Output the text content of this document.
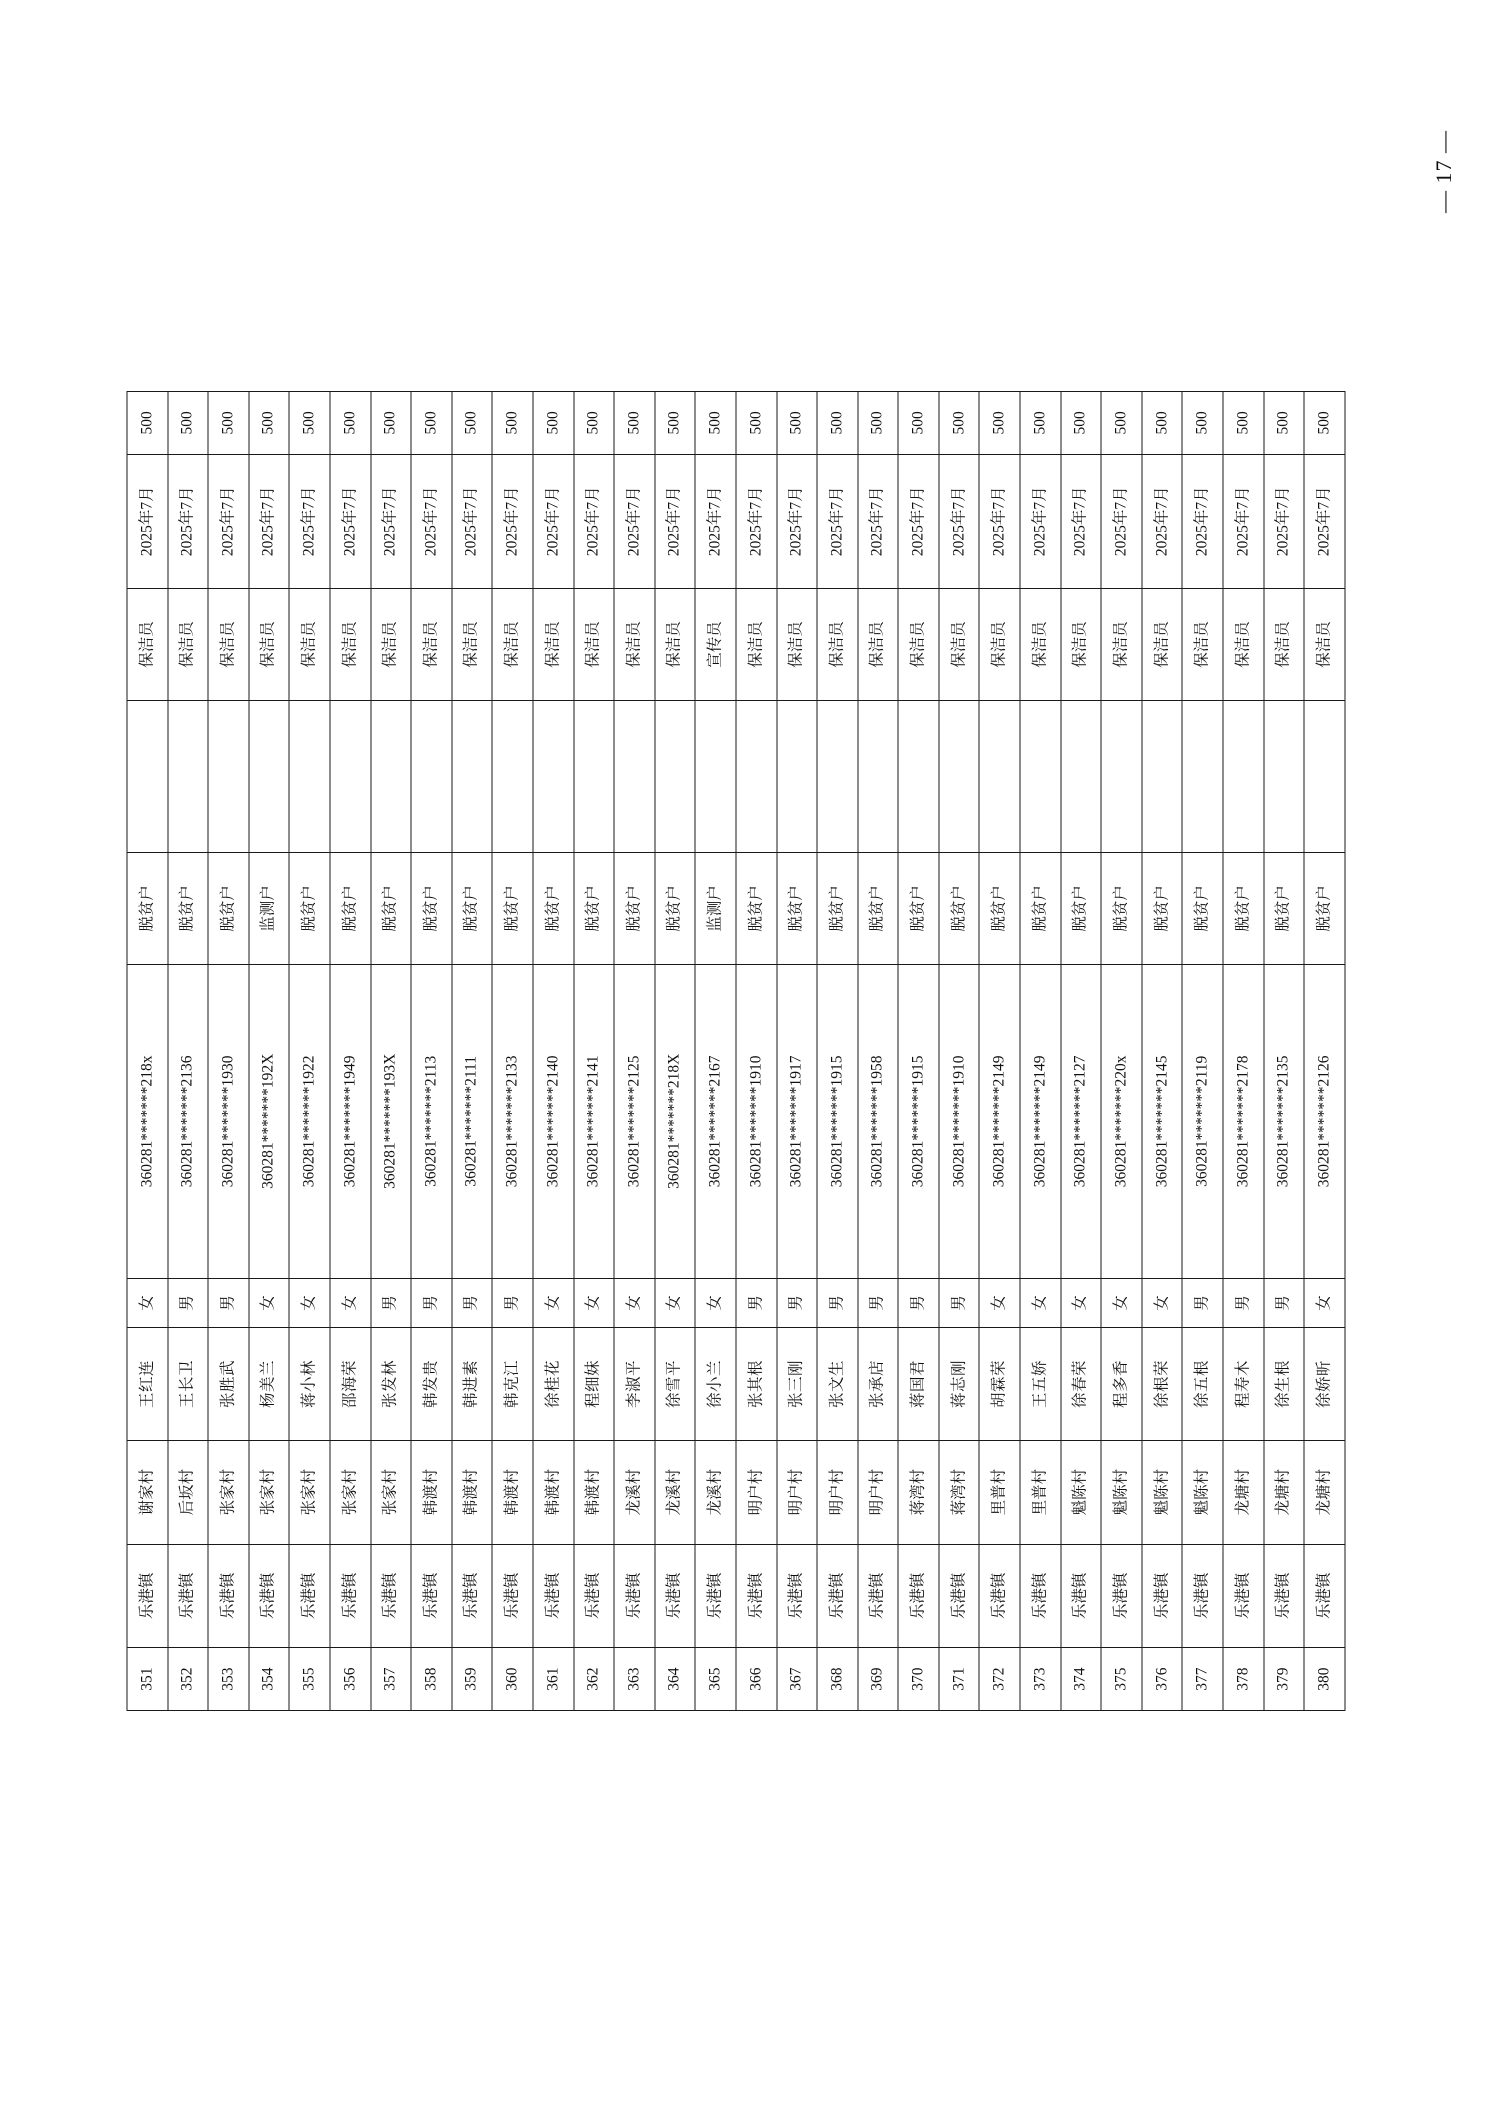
— 17 —
351	乐港镇	谢家村	王红连	女	360281*******218x	脱贫户		保洁员	2025年7月	500
352	乐港镇	后坂村	王长卫	男	360281*******2136	脱贫户		保洁员	2025年7月	500
353	乐港镇	张家村	张胜武	男	360281*******1930	脱贫户		保洁员	2025年7月	500
354	乐港镇	张家村	杨美兰	女	360281*******192X	监测户		保洁员	2025年7月	500
355	乐港镇	张家村	蒋小林	女	360281*******1922	脱贫户		保洁员	2025年7月	500
356	乐港镇	张家村	邵海荣	女	360281*******1949	脱贫户		保洁员	2025年7月	500
357	乐港镇	张家村	张发林	男	360281*******193X	脱贫户		保洁员	2025年7月	500
358	乐港镇	韩渡村	韩发贵	男	360281*******2113	脱贫户		保洁员	2025年7月	500
359	乐港镇	韩渡村	韩进素	男	360281*******2111	脱贫户		保洁员	2025年7月	500
360	乐港镇	韩渡村	韩克江	男	360281*******2133	脱贫户		保洁员	2025年7月	500
361	乐港镇	韩渡村	徐桂花	女	360281*******2140	脱贫户		保洁员	2025年7月	500
362	乐港镇	韩渡村	程细妹	女	360281*******2141	脱贫户		保洁员	2025年7月	500
363	乐港镇	龙溪村	李淑平	女	360281*******2125	脱贫户		保洁员	2025年7月	500
364	乐港镇	龙溪村	徐雪平	女	360281*******218X	脱贫户		保洁员	2025年7月	500
365	乐港镇	龙溪村	徐小兰	女	360281*******2167	监测户		宣传员	2025年7月	500
366	乐港镇	明户村	张其根	男	360281*******1910	脱贫户		保洁员	2025年7月	500
367	乐港镇	明户村	张三刚	男	360281*******1917	脱贫户		保洁员	2025年7月	500
368	乐港镇	明户村	张文生	男	360281*******1915	脱贫户		保洁员	2025年7月	500
369	乐港镇	明户村	张承店	男	360281*******1958	脱贫户		保洁员	2025年7月	500
370	乐港镇	蒋湾村	蒋国君	男	360281*******1915	脱贫户		保洁员	2025年7月	500
371	乐港镇	蒋湾村	蒋志刚	男	360281*******1910	脱贫户		保洁员	2025年7月	500
372	乐港镇	里普村	胡霖荣	女	360281*******2149	脱贫户		保洁员	2025年7月	500
373	乐港镇	里普村	王五娇	女	360281*******2149	脱贫户		保洁员	2025年7月	500
374	乐港镇	魁陈村	徐春荣	女	360281*******2127	脱贫户		保洁员	2025年7月	500
375	乐港镇	魁陈村	程多香	女	360281*******220x	脱贫户		保洁员	2025年7月	500
376	乐港镇	魁陈村	徐根荣	女	360281*******2145	脱贫户		保洁员	2025年7月	500
377	乐港镇	魁陈村	徐五根	男	360281*******2119	脱贫户		保洁员	2025年7月	500
378	乐港镇	龙塘村	程寿木	男	360281*******2178	脱贫户		保洁员	2025年7月	500
379	乐港镇	龙塘村	徐生根	男	360281*******2135	脱贫户		保洁员	2025年7月	500
380	乐港镇	龙塘村	徐娇昕	女	360281*******2126	脱贫户		保洁员	2025年7月	500
